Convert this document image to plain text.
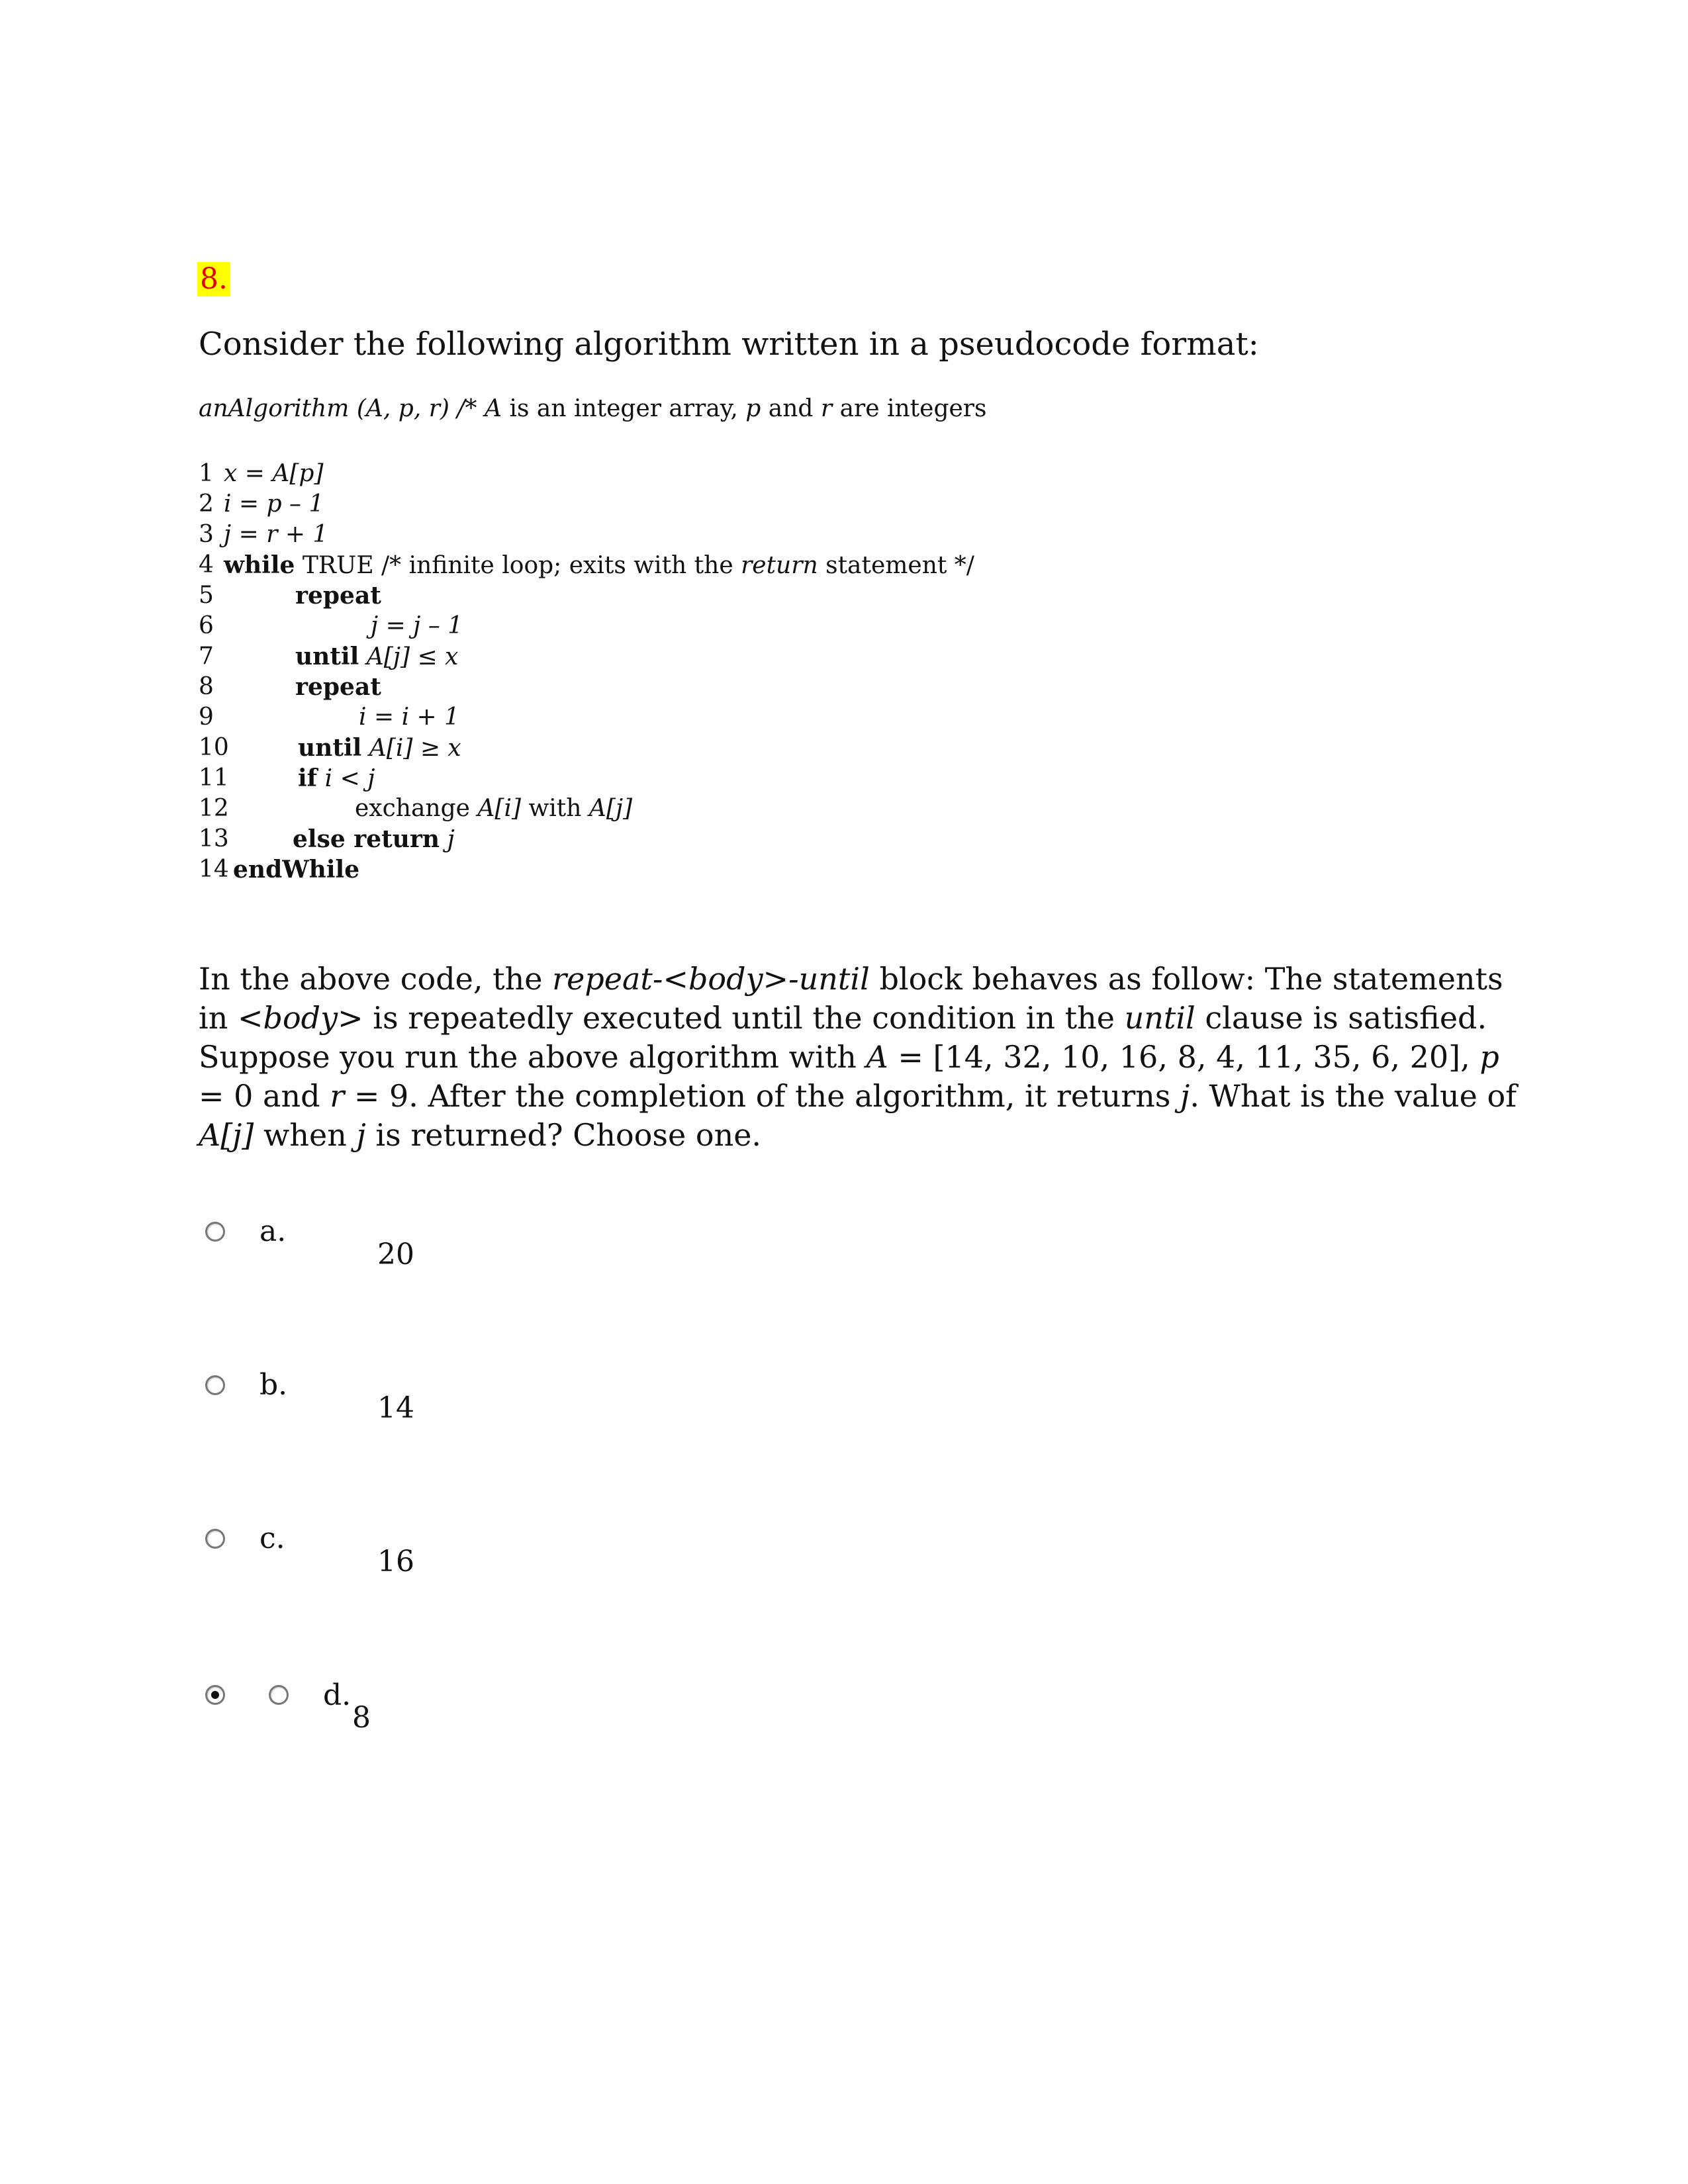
8.
Consider the following algorithm written in a pseudocode format:
anAlgorithm (A, p, r) /* A is an integer array, p and r are integers
1 x = A[p]
2 i = p – 1
3 j = r + 1
4 while TRUE /* infinite loop; exits with the return statement */
5	repeat
6	j = j – 1
7	until A[j] ≤ x
8	repeat
9	i = i + 1
10	until A[i] ≥ x
11	if i < j
12	exchange A[i] with A[j]
13	else return j
14 endWhile
In the above code, the repeat-<body>-until block behaves as follow: The statements in <body> is repeatedly executed until the condition in the until clause is satisfied.
Suppose you run the above algorithm with A = [14, 32, 10, 16, 8, 4, 11, 35, 6, 20], p = 0 and r = 9. After the completion of the algorithm, it returns j. What is the value of A[j] when j is returned? Choose one.
a.
20
b.
14
c.
16
d.
8
